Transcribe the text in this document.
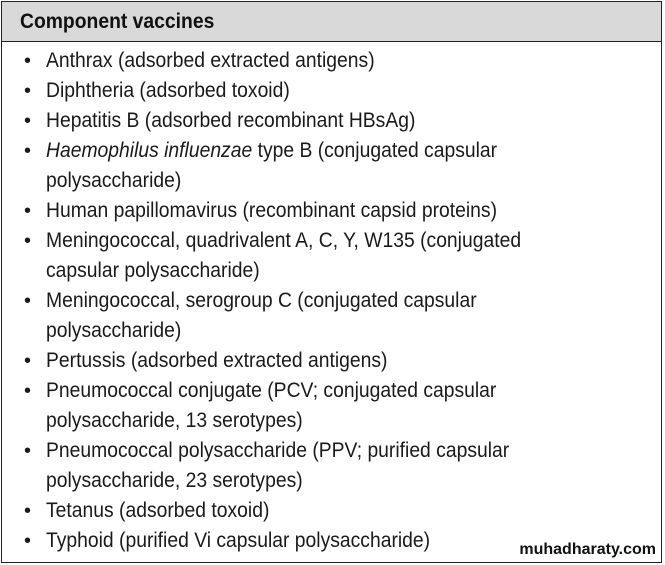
Component vaccines
• Anthrax (adsorbed extracted antigens)
• Diphtheria (adsorbed toxoid)
• Hepatitis B (adsorbed recombinant HBsAg)
• Haemophilus influenzae type B (conjugated capsular
polysaccharide)
• Human papillomavirus (recombinant capsid proteins)
• Meningococcal, quadrivalent A, C, Y, W135 (conjugated
capsular polysaccharide)
• Meningococcal, serogroup C (conjugated capsular
polysaccharide)
• Pertussis (adsorbed extracted antigens)
• Pneumococcal conjugate (PCV; conjugated capsular
polysaccharide, 13 serotypes)
• Pneumococcal polysaccharide (PPV; purified capsular
polysaccharide, 23 serotypes)
• Tetanus (adsorbed toxoid)
• Typhoid (purified Vi capsular polysaccharide)	muhadharaty.com
